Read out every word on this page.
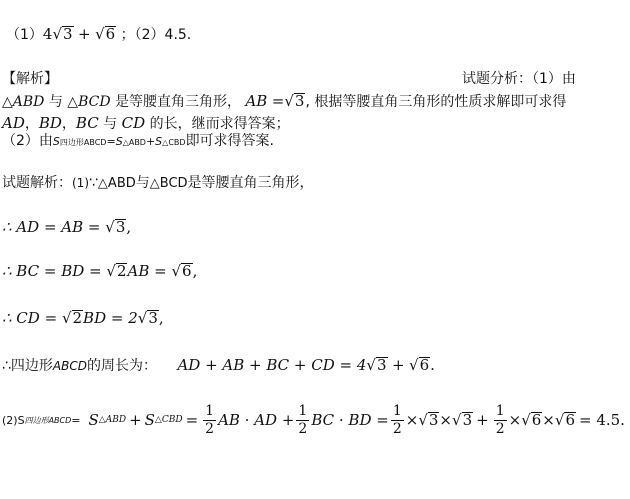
（1）4√3 + √6 ；（2）4.5.
【解析】	试题分析：（1）由
△ABD 与 △BCD 是等腰直角三角形， AB =√3, 根据等腰直角三角形的性质求解即可求得
AD，BD，BC 与 CD 的长，继而求得答案；
（2）由S四边形ABCD=S△ABD+S△CBD即可求得答案.
试题解析：(1)∵△ABD与△BCD是等腰直角三角形，
∴ AD = AB = √3,
∴ BC = BD = √2AB = √6,
∴ CD = √2BD = 2√3,
∴四边形ABCD的周长为： AD + AB + BC + CD = 4√3 + √6.
(2)S 四边形ABCD = S △ABD + S △CBD = $\frac{1}{2}$ AB · AD + $\frac{1}{2}$ BC · BD = $\frac{1}{2}$ × √ 3 × √ $3 + \frac{1}{2}$ × √ 6 × √ 6 = 4.5.
